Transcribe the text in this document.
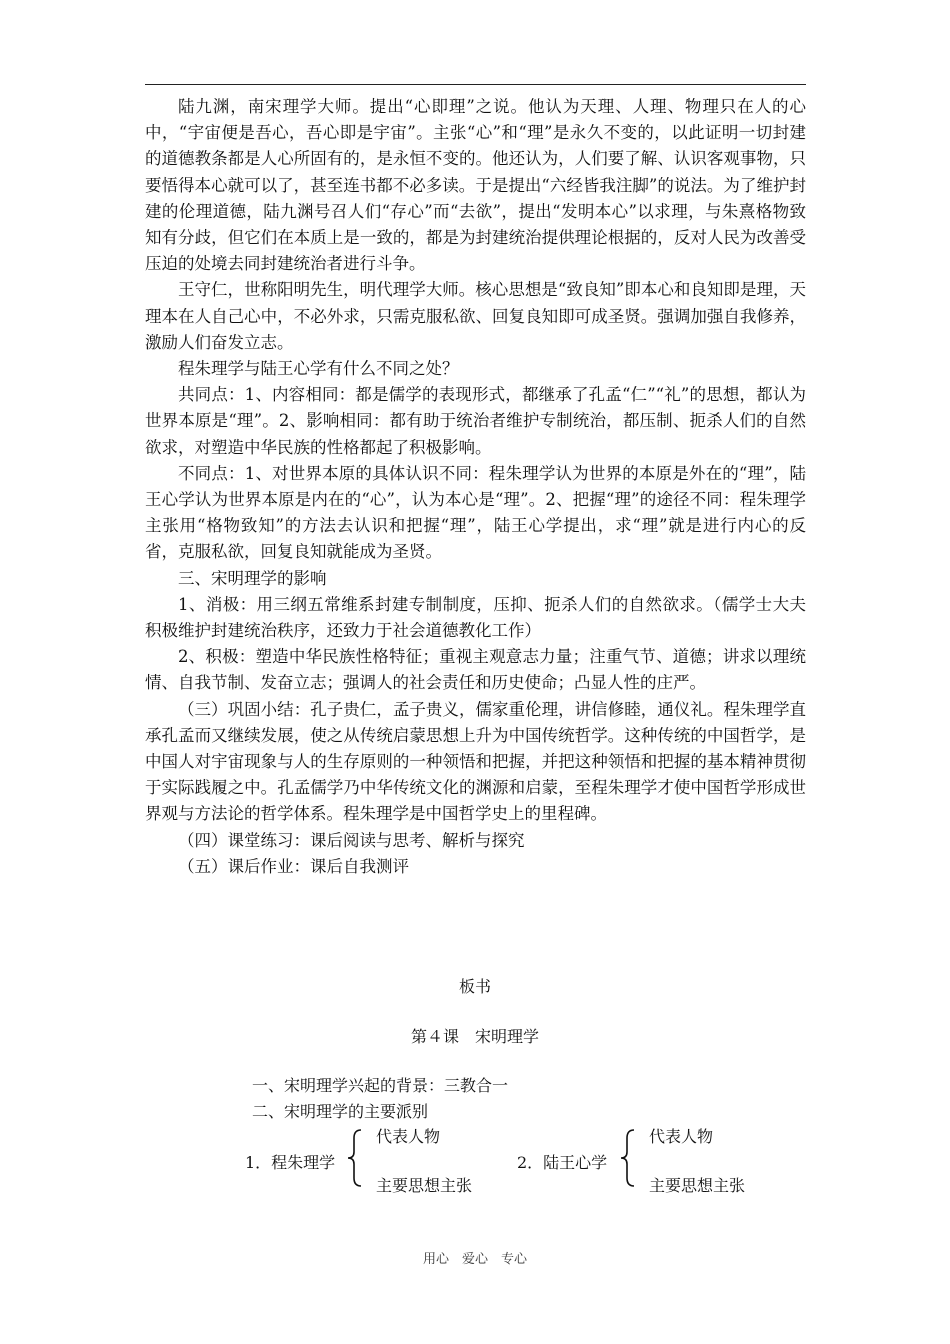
陆九渊，南宋理学大师。提出“心即理”之说。他认为天理、人理、物理只在人的心中，“宇宙便是吾心，吾心即是宇宙”。主张“心”和“理”是永久不变的，以此证明一切封建的道德教条都是人心所固有的，是永恒不变的。他还认为，人们要了解、认识客观事物，只要悟得本心就可以了，甚至连书都不必多读。于是提出“六经皆我注脚”的说法。为了维护封建的伦理道德，陆九渊号召人们“存心”而“去欲”，提出“发明本心”以求理，与朱熹格物致知有分歧，但它们在本质上是一致的，都是为封建统治提供理论根据的，反对人民为改善受压迫的处境去同封建统治者进行斗争。

王守仁，世称阳明先生，明代理学大师。核心思想是“致良知”即本心和良知即是理，天理本在人自己心中，不必外求，只需克服私欲、回复良知即可成圣贤。强调加强自我修养，激励人们奋发立志。

程朱理学与陆王心学有什么不同之处？

共同点：1、内容相同：都是儒学的表现形式，都继承了孔孟“仁”“礼”的思想，都认为世界本原是“理”。2、影响相同：都有助于统治者维护专制统治，都压制、扼杀人们的自然欲求，对塑造中华民族的性格都起了积极影响。

不同点：1、对世界本原的具体认识不同：程朱理学认为世界的本原是外在的“理”，陆王心学认为世界本原是内在的“心”，认为本心是“理”。2、把握“理”的途径不同：程朱理学主张用“格物致知”的方法去认识和把握“理”，陆王心学提出，求“理”就是进行内心的反省，克服私欲，回复良知就能成为圣贤。

三、宋明理学的影响

1、消极：用三纲五常维系封建专制制度，压抑、扼杀人们的自然欲求。（儒学士大夫积极维护封建统治秩序，还致力于社会道德教化工作）

2、积极：塑造中华民族性格特征；重视主观意志力量；注重气节、道德；讲求以理统情、自我节制、发奋立志；强调人的社会责任和历史使命；凸显人性的庄严。

（三）巩固小结：孔子贵仁，孟子贵义，儒家重伦理，讲信修睦，通仪礼。程朱理学直承孔孟而又继续发展，使之从传统启蒙思想上升为中国传统哲学。这种传统的中国哲学，是中国人对宇宙现象与人的生存原则的一种领悟和把握，并把这种领悟和把握的基本精神贯彻于实际践履之中。孔孟儒学乃中华传统文化的渊源和启蒙，至程朱理学才使中国哲学形成世界观与方法论的哲学体系。程朱理学是中国哲学史上的里程碑。

（四）课堂练习：课后阅读与思考、解析与探究

（五）课后作业：课后自我测评

板书
第４课　宋明理学
一、宋明理学兴起的背景：三教合一
二、宋明理学的主要派别
1．程朱理学
代表人物
主要思想主张
2．陆王心学
代表人物
主要思想主张
用心　爱心　专心
